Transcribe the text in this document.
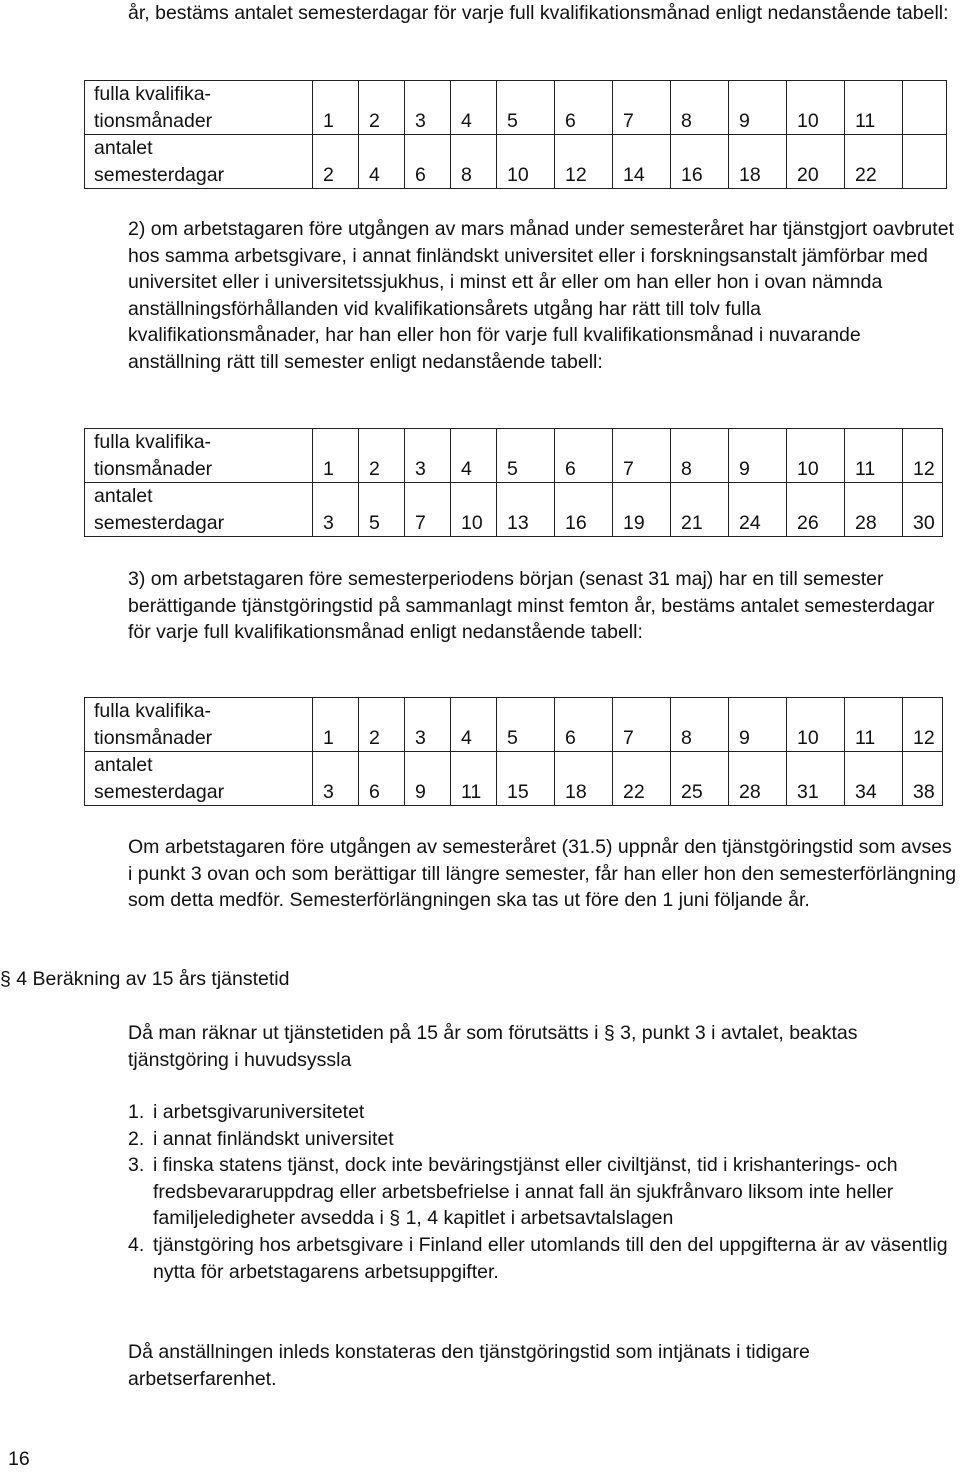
år, bestäms antalet semesterdagar för varje full kvalifikationsmånad enligt nedanstående tabell:

fulla kvalifika-
tionsmånader	1	2	3	4	5	6	7	8	9	10	11	

antalet
semesterdagar	2	4	6	8	10	12	14	16	18	20	22	

2) om arbetstagaren före utgången av mars månad under semesteråret har tjänstgjort oavbrutet hos samma arbetsgivare, i annat finländskt universitet eller i forskningsanstalt jämförbar med universitet eller i universitetssjukhus, i minst ett år eller om han eller hon i ovan nämnda anställningsförhållanden vid kvalifikationsårets utgång har rätt till tolv fulla kvalifikationsmånader, har han eller hon för varje full kvalifikationsmånad i nuvarande anställning rätt till semester enligt nedanstående tabell:

fulla kvalifika-
tionsmånader	1	2	3	4	5	6	7	8	9	10	11	12

antalet
semesterdagar	3	5	7	10	13	16	19	21	24	26	28	30

3) om arbetstagaren före semesterperiodens början (senast 31 maj) har en till semester berättigande tjänstgöringstid på sammanlagt minst femton år, bestäms antalet semesterdagar för varje full kvalifikationsmånad enligt nedanstående tabell:

fulla kvalifika-
tionsmånader	1	2	3	4	5	6	7	8	9	10	11	12

antalet
semesterdagar	3	6	9	11	15	18	22	25	28	31	34	38

Om arbetstagaren före utgången av semesteråret (31.5) uppnår den tjänstgöringstid som avses i punkt 3 ovan och som berättigar till längre semester, får han eller hon den semesterförlängning som detta medför. Semesterförlängningen ska tas ut före den 1 juni följande år.

§ 4 Beräkning av 15 års tjänstetid

Då man räknar ut tjänstetiden på 15 år som förutsätts i § 3, punkt 3 i avtalet, beaktas tjänstgöring i huvudsyssla

1. i arbetsgivaruniversitetet
2. i annat finländskt universitet
3. i finska statens tjänst, dock inte beväringstjänst eller civiltjänst, tid i krishanterings- och fredsbevararuppdrag eller arbetsbefrielse i annat fall än sjukfrånvaro liksom inte heller familjeledigheter avsedda i § 1, 4 kapitlet i arbetsavtalslagen
4. tjänstgöring hos arbetsgivare i Finland eller utomlands till den del uppgifterna är av väsentlig nytta för arbetstagarens arbetsuppgifter.

Då anställningen inleds konstateras den tjänstgöringstid som intjänats i tidigare arbetserfarenhet.

16
